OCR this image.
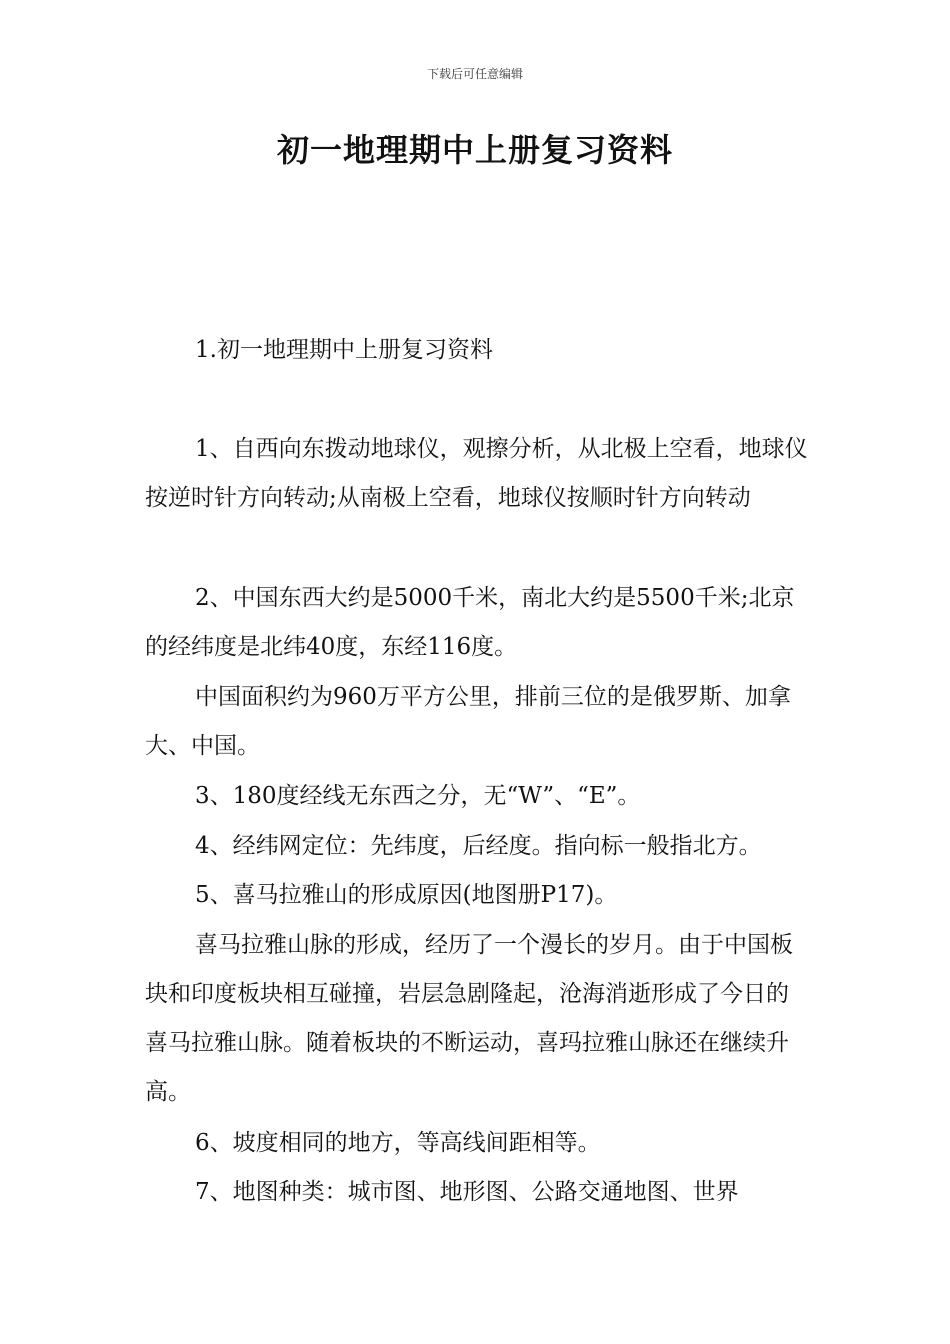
下载后可任意编辑
初一地理期中上册复习资料

1.初一地理期中上册复习资料

1、自西向东拨动地球仪，观擦分析，从北极上空看，地球仪按逆时针方向转动;从南极上空看，地球仪按顺时针方向转动

2、中国东西大约是5000千米，南北大约是5500千米;北京的经纬度是北纬40度，东经116度。

中国面积约为960万平方公里，排前三位的是俄罗斯、加拿大、中国。

3、180度经线无东西之分，无“W”、“E”。

4、经纬网定位：先纬度，后经度。指向标一般指北方。

5、喜马拉雅山的形成原因(地图册P17)。

喜马拉雅山脉的形成，经历了一个漫长的岁月。由于中国板块和印度板块相互碰撞，岩层急剧隆起，沧海消逝形成了今日的喜马拉雅山脉。随着板块的不断运动，喜玛拉雅山脉还在继续升高。

6、坡度相同的地方，等高线间距相等。

7、地图种类：城市图、地形图、公路交通地图、世界
